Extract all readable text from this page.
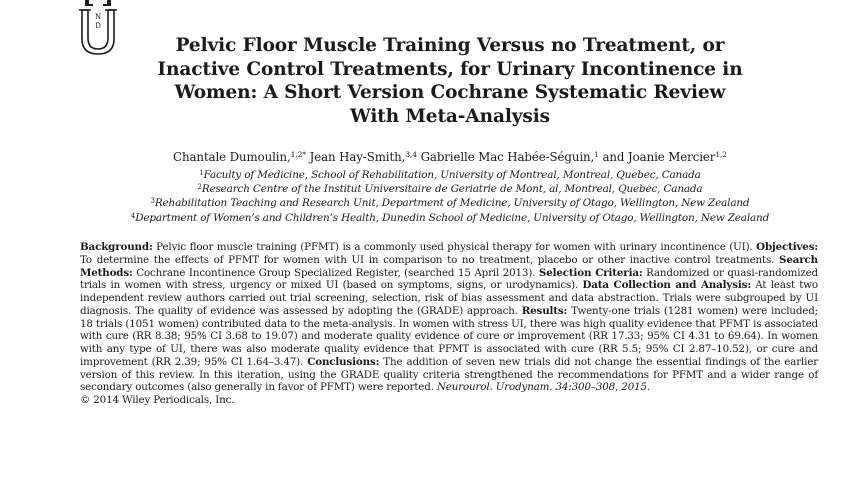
N
D
Pelvic Floor Muscle Training Versus no Treatment, or
Inactive Control Treatments, for Urinary Incontinence in
Women: A Short Version Cochrane Systematic Review
With Meta-Analysis
Chantale Dumoulin,$^{1,2*}$ Jean Hay-Smith,$^{3,4}$ Gabrielle Mac Habée-Séguin,$^1$ and Joanie Mercier$^{1,2}$
$^1$Faculty of Medicine, School of Rehabilitation, University of Montreal, Montreal, Quebec, Canada
$^2$Research Centre of the Institut Universitaire de Geriatrie de Mont, al, Montreal, Quebec, Canada
$^3$Rehabilitation Teaching and Research Unit, Department of Medicine, University of Otago, Wellington, New Zealand
$^4$Department of Women’s and Children’s Health, Dunedin School of Medicine, University of Otago, Wellington, New Zealand
Background: Pelvic floor muscle training (PFMT) is a commonly used physical therapy for women with urinary incontinence (UI). Objectives: To determine the effects of PFMT for women with UI in comparison to no treatment, placebo or other inactive control treatments. Search Methods: Cochrane Incontinence Group Specialized Register, (searched 15 April 2013). Selection Criteria: Randomized or quasi-randomized trials in women with stress, urgency or mixed UI (based on symptoms, signs, or urodynamics). Data Collection and Analysis: At least two independent review authors carried out trial screening, selection, risk of bias assessment and data abstraction. Trials were subgrouped by UI diagnosis. The quality of evidence was assessed by adopting the (GRADE) approach. Results: Twenty-one trials (1281 women) were included; 18 trials (1051 women) contributed data to the meta-analysis. In women with stress UI, there was high quality evidence that PFMT is associated with cure (RR 8.38; 95% CI 3.68 to 19.07) and moderate quality evidence of cure or improvement (RR 17.33; 95% CI 4.31 to 69.64). In women with any type of UI, there was also moderate quality evidence that PFMT is associated with cure (RR 5.5; 95% CI 2.87–10.52), or cure and improvement (RR 2.39; 95% CI 1.64–3.47). Conclusions: The addition of seven new trials did not change the essential findings of the earlier version of this review. In this iteration, using the GRADE quality criteria strengthened the recommendations for PFMT and a wider range of secondary outcomes (also generally in favor of PFMT) were reported. Neurourol. Urodynam. 34:300–308, 2015.
© 2014 Wiley Periodicals, Inc.
